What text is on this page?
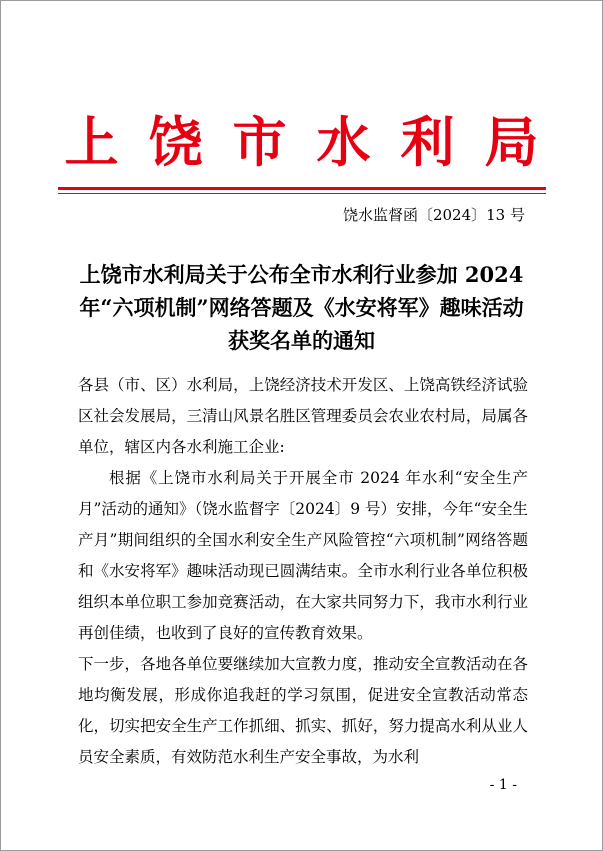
上饶市水利局
饶水监督函〔2024〕13 号
上饶市水利局关于公布全市水利行业参加 2024 年“六项机制”网络答题及《水安将军》趣味活动获奖名单的通知

各县（市、区）水利局，上饶经济技术开发区、上饶高铁经济试验区社会发展局，三清山风景名胜区管理委员会农业农村局，局属各单位，辖区内各水利施工企业:

根据《上饶市水利局关于开展全市 2024 年水利“安全生产月”活动的通知》（饶水监督字〔2024〕9 号）安排，今年“安全生产月”期间组织的全国水利安全生产风险管控“六项机制”网络答题和《水安将军》趣味活动现已圆满结束。全市水利行业各单位积极组织本单位职工参加竞赛活动，在大家共同努力下，我市水利行业再创佳绩，也收到了良好的宣传教育效果。

下一步，各地各单位要继续加大宣教力度，推动安全宣教活动在各地均衡发展，形成你追我赶的学习氛围，促进安全宣教活动常态化，切实把安全生产工作抓细、抓实、抓好，努力提高水利从业人员安全素质，有效防范水利生产安全事故，为水利

- 1 -
